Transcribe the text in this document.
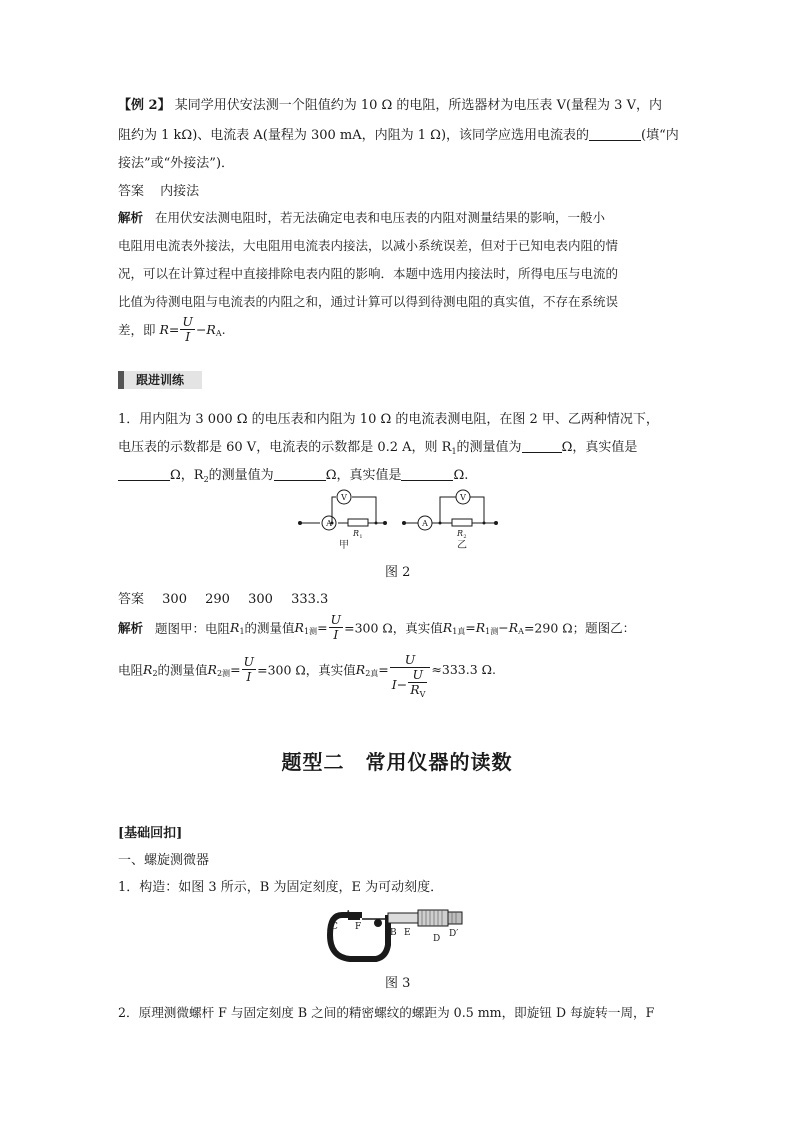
【例 2】 某同学用伏安法测一个阻值约为 10 Ω 的电阻，所选器材为电压表 V(量程为 3 V，内
阻约为 1 kΩ)、电流表 A(量程为 300 mA，内阻为 1 Ω)，该同学应选用电流表的	(填“内
接法”或“外接法”)．
答案 内接法
解析 在用伏安法测电阻时，若无法确定电表和电压表的内阻对测量结果的影响，一般小
电阻用电流表外接法，大电阻用电流表内接法，以减小系统误差，但对于已知电表内阻的情
况，可以在计算过程中直接排除电表内阻的影响．本题中选用内接法时，所得电压与电流的
比值为待测电阻与电流表的内阻之和，通过计算可以得到待测电阻的真实值，不存在系统误
差，即 $R= \frac{U}{I} -R_A$.
跟进训练
1．用内阻为 3 000 Ω 的电压表和内阻为 10 Ω 的电流表测电阻，在图 2 甲、乙两种情况下，
电压表的示数都是 60 V，电流表的示数都是 0.2 A，则 $R_1$的测量值为	Ω，真实值是
Ω，$R_2$的测量值为	Ω，真实值是	Ω.
V
A
V
A
R 1	R 2
甲	乙
图 2
答案 300 290 300 333.3
解析 题图甲：电阻$R_1$的测量值$R_{1测}= \frac{U}{I} =300$ Ω，真实值$R_{1真}=R_{1测}-R_A=290$ Ω；题图乙：
电阻$R_2$的测量值$R_{2测}= \frac{U}{I} =300$ Ω，真实值$R_{2真}= \frac{U}{I- \frac{U}{R_V}} \approx 333.3$ Ω.
题型二　常用仪器的读数
[基础回扣]
一、螺旋测微器
1．构造：如图 3 所示，B 为固定刻度，E 为可动刻度．
C
A
F
B E
D D′
图 3
2．原理测微螺杆 F 与固定刻度 B 之间的精密螺纹的螺距为 0.5 mm，即旋钮 D 每旋转一周，F
